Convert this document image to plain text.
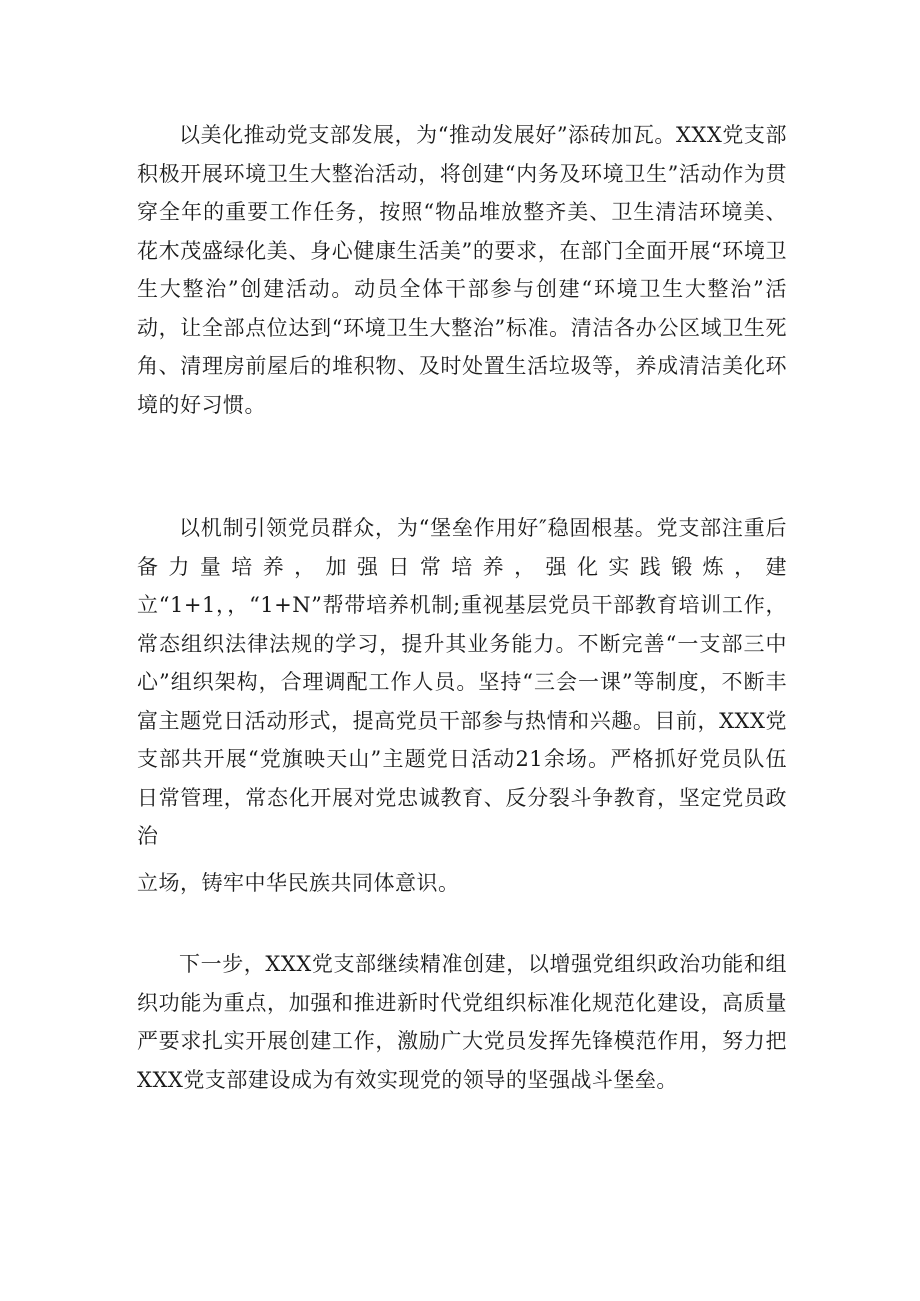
以美化推动党支部发展，为“推动发展好”添砖加瓦。XXX党支部积极开展环境卫生大整治活动，将创建“内务及环境卫生”活动作为贯穿全年的重要工作任务，按照“物品堆放整齐美、卫生清洁环境美、花木茂盛绿化美、身心健康生活美”的要求，在部门全面开展“环境卫生大整治”创建活动。动员全体干部参与创建“环境卫生大整治”活动，让全部点位达到“环境卫生大整治”标准。清洁各办公区域卫生死角、清理房前屋后的堆积物、及时处置生活垃圾等，养成清洁美化环境的好习惯。

以机制引领党员群众，为“堡垒作用好″稳固根基。党支部注重后备力量培养，加强日常培养，强化实践锻炼，建立“1+1，，“1+N”帮带培养机制;重视基层党员干部教育培训工作，常态组织法律法规的学习，提升其业务能力。不断完善“一支部三中心”组织架构，合理调配工作人员。坚持“三会一课”等制度，不断丰富主题党日活动形式，提高党员干部参与热情和兴趣。目前，XXX党支部共开展“党旗映天山”主题党日活动21余场。严格抓好党员队伍日常管理，常态化开展对党忠诚教育、反分裂斗争教育，坚定党员政治

立场，铸牢中华民族共同体意识。

下一步，XXX党支部继续精准创建，以增强党组织政治功能和组织功能为重点，加强和推进新时代党组织标准化规范化建设，高质量严要求扎实开展创建工作，激励广大党员发挥先锋模范作用，努力把XXX党支部建设成为有效实现党的领导的坚强战斗堡垒。
